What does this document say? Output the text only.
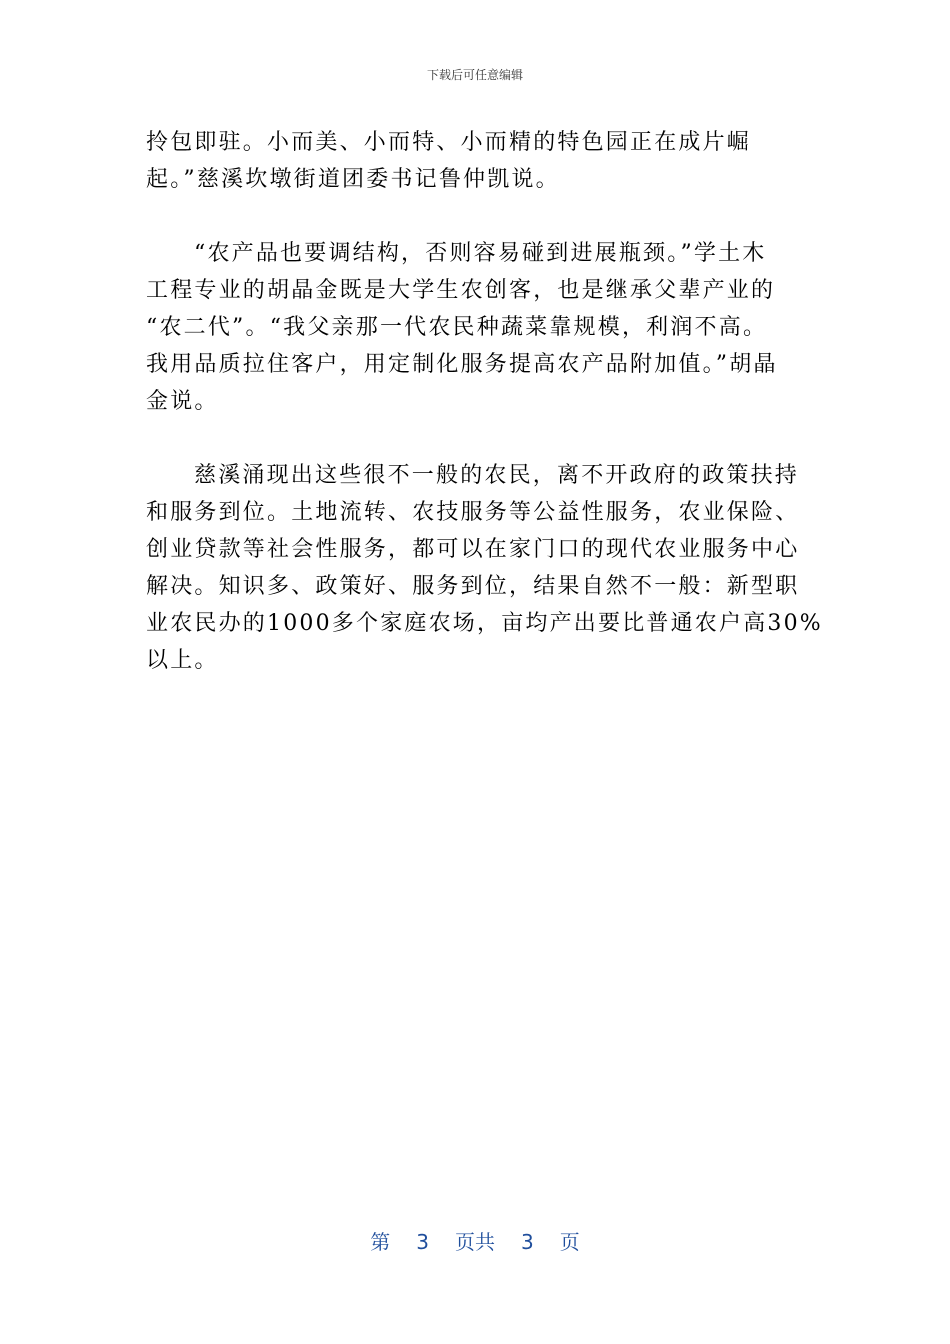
下载后可任意编辑
拎包即驻。小而美、小而特、小而精的特色园正在成片崛
起。”慈溪坎墩街道团委书记鲁仲凯说。
“农产品也要调结构，否则容易碰到进展瓶颈。”学土木
工程专业的胡晶金既是大学生农创客，也是继承父辈产业的
“农二代”。“我父亲那一代农民种蔬菜靠规模，利润不高。
我用品质拉住客户，用定制化服务提高农产品附加值。”胡晶
金说。
慈溪涌现出这些很不一般的农民，离不开政府的政策扶持
和服务到位。土地流转、农技服务等公益性服务，农业保险、
创业贷款等社会性服务，都可以在家门口的现代农业服务中心
解决。知识多、政策好、服务到位，结果自然不一般：新型职
业农民办的1000多个家庭农场，亩均产出要比普通农户高30%
以上。
第 3 页共 3 页
